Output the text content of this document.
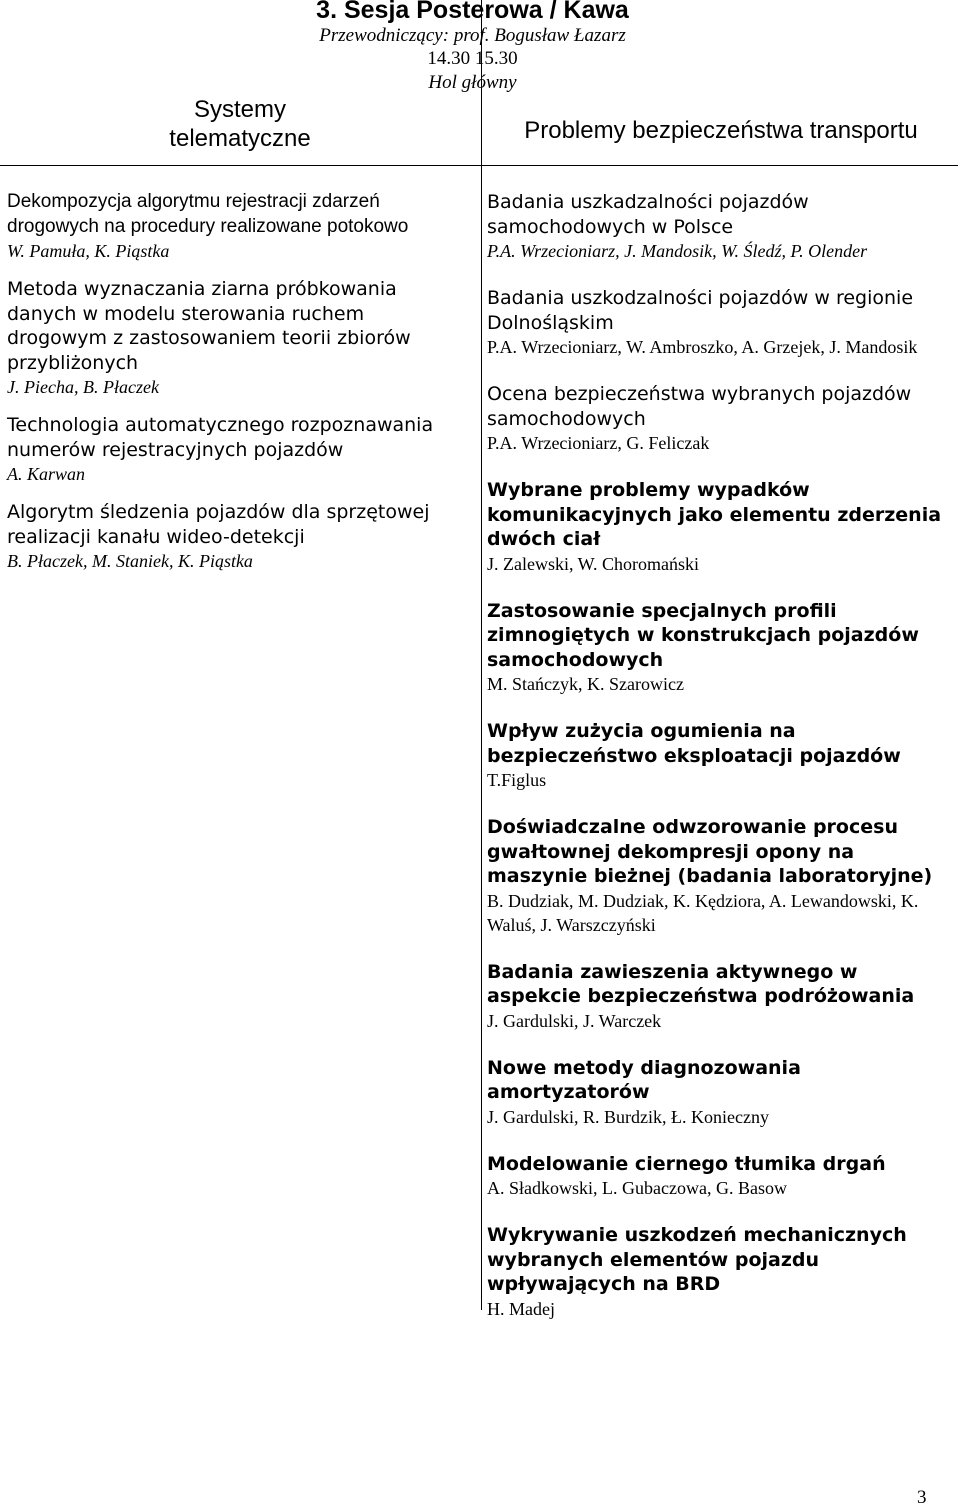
3. Sesja Posterowa / Kawa
Przewodniczący: prof. Bogusław Łazarz
14.30 15.30
Hol główny
Systemy telematyczne	Problemy bezpieczeństwa transportu

Dekompozycja algorytmu rejestracji zdarzeń drogowych na procedury realizowane potokowo

W. Pamuła, K. Piąstka

Metoda wyznaczania ziarna próbkowania danych w modelu sterowania ruchem drogowym z zastosowaniem teorii zbiorów przybliżonych

J. Piecha, B. Płaczek

Technologia automatycznego rozpoznawania numerów rejestracyjnych pojazdów

A. Karwan

Algorytm śledzenia pojazdów dla sprzętowej realizacji kanału wideo-detekcji

B. Płaczek, M. Staniek, K. Piąstka

Badania uszkadzalności pojazdów samochodowych w Polsce

P.A. Wrzecioniarz, J. Mandosik, W. Śledź, P. Olender

Badania uszkodzalności pojazdów w regionie Dolnośląskim

P.A. Wrzecioniarz, W. Ambroszko, A. Grzejek, J. Mandosik

Ocena bezpieczeństwa wybranych pojazdów samochodowych

P.A. Wrzecioniarz, G. Feliczak

Wybrane problemy wypadków komunikacyjnych jako elementu zderzenia dwóch ciał

J. Zalewski, W. Choromański

Zastosowanie specjalnych profili zimnogiętych w konstrukcjach pojazdów samochodowych

M. Stańczyk, K. Szarowicz

Wpływ zużycia ogumienia na bezpieczeństwo eksploatacji pojazdów

T.Figlus

Doświadczalne odwzorowanie procesu gwałtownej dekompresji opony na maszynie bieżnej (badania laboratoryjne)

B. Dudziak, M. Dudziak, K. Kędziora, A. Lewandowski, K. Waluś, J. Warszczyński

Badania zawieszenia aktywnego w aspekcie bezpieczeństwa podróżowania

J. Gardulski, J. Warczek

Nowe metody diagnozowania amortyzatorów

J. Gardulski, R. Burdzik, Ł. Konieczny

Modelowanie ciernego tłumika drgań

A. Sładkowski, L. Gubaczowa, G. Basow

Wykrywanie uszkodzeń mechanicznych wybranych elementów pojazdu wpływających na BRD

H. Madej

3
